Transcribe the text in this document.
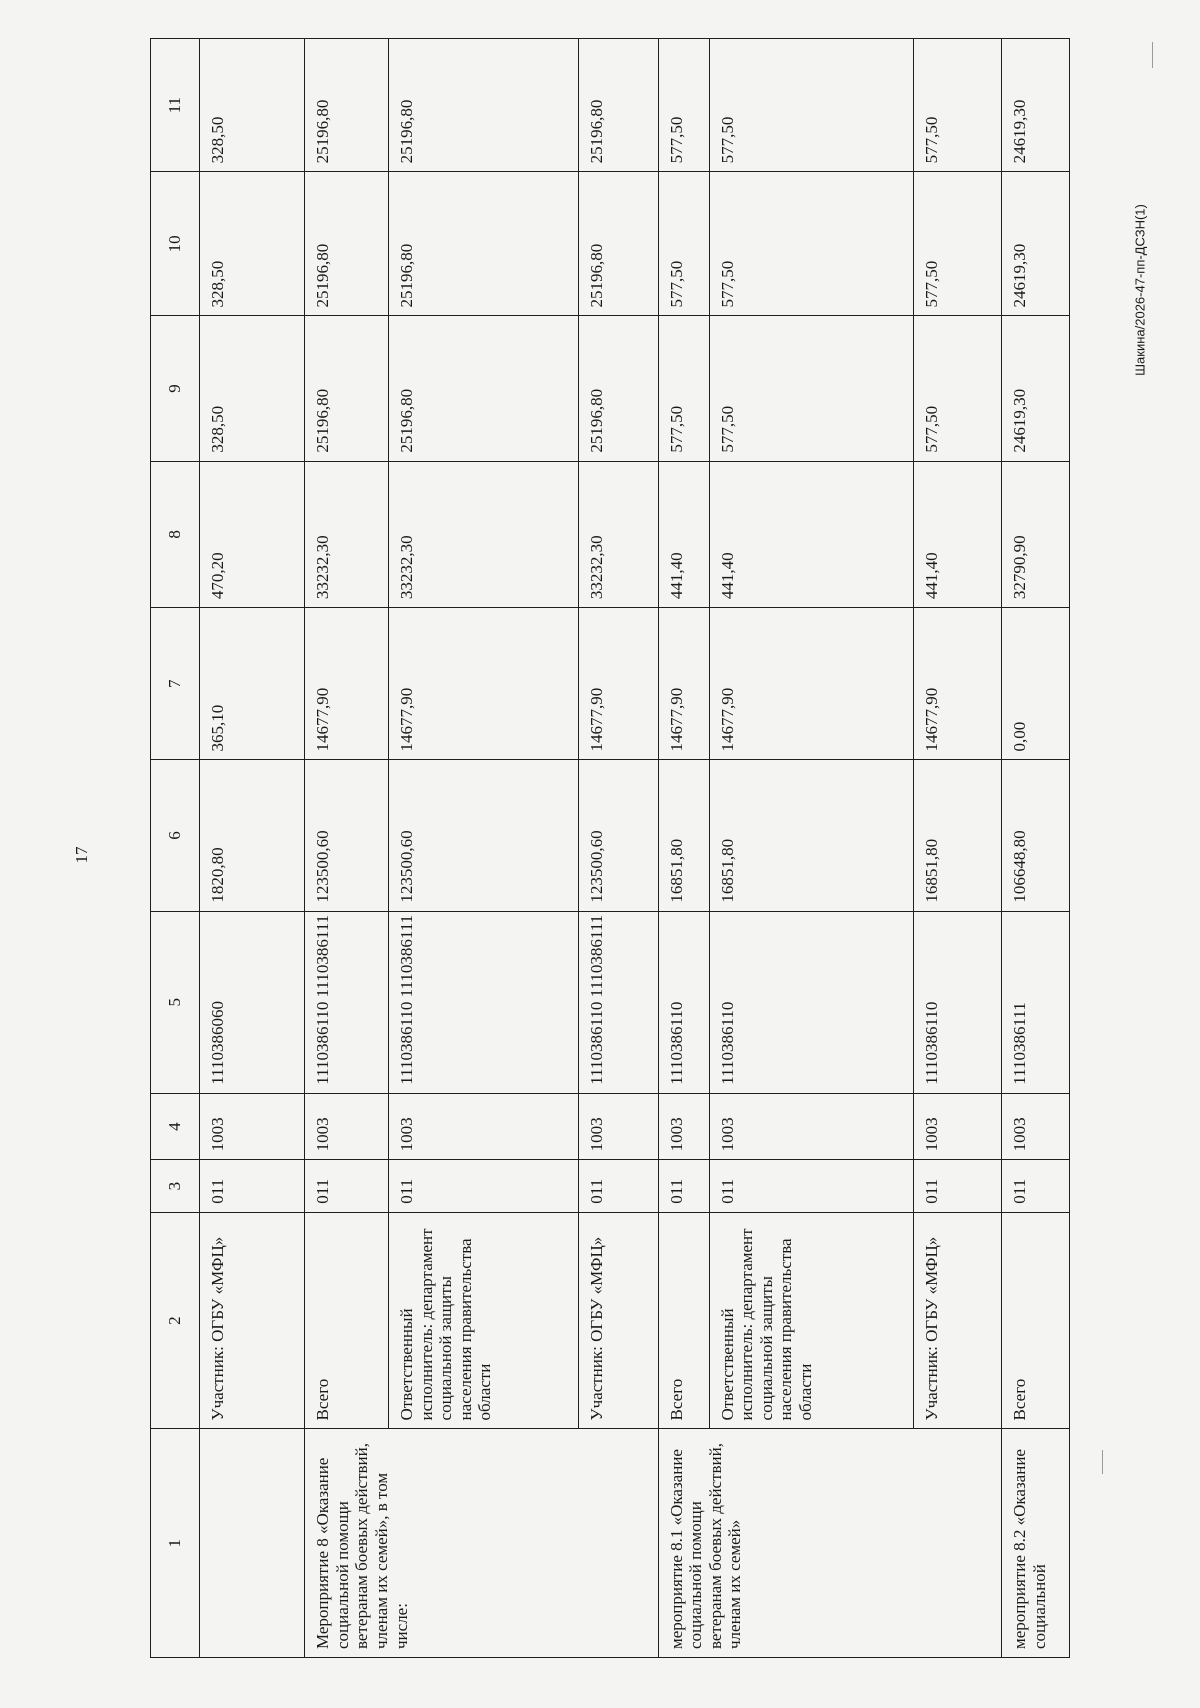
17
Шакина/2026-47-пп-ДСЗН(1)
1	2	3	4	5	6	7	8	9	10	11
	Участник: ОГБУ «МФЦ»	011	1003	1110386060	1820,80	365,10	470,20	328,50	328,50	328,50
Мероприятие 8 «Оказание социальной помощи ветеранам боевых действий, членам их семей», в том числе:	Всего	011	1003	1110386110 1110386111	123500,60	14677,90	33232,30	25196,80	25196,80	25196,80
	Ответственный исполнитель: департамент социальной защиты населения правительства области	011	1003	1110386110 1110386111	123500,60	14677,90	33232,30	25196,80	25196,80	25196,80
	Участник: ОГБУ «МФЦ»	011	1003	1110386110 1110386111	123500,60	14677,90	33232,30	25196,80	25196,80	25196,80
мероприятие 8.1 «Оказание социальной помощи ветеранам боевых действий, членам их семей»	Всего	011	1003	1110386110	16851,80	14677,90	441,40	577,50	577,50	577,50
	Ответственный исполнитель: департамент социальной защиты населения правительства области	011	1003	1110386110	16851,80	14677,90	441,40	577,50	577,50	577,50
	Участник: ОГБУ «МФЦ»	011	1003	1110386110	16851,80	14677,90	441,40	577,50	577,50	577,50
мероприятие 8.2 «Оказание социальной	Всего	011	1003	1110386111	106648,80	0,00	32790,90	24619,30	24619,30	24619,30
